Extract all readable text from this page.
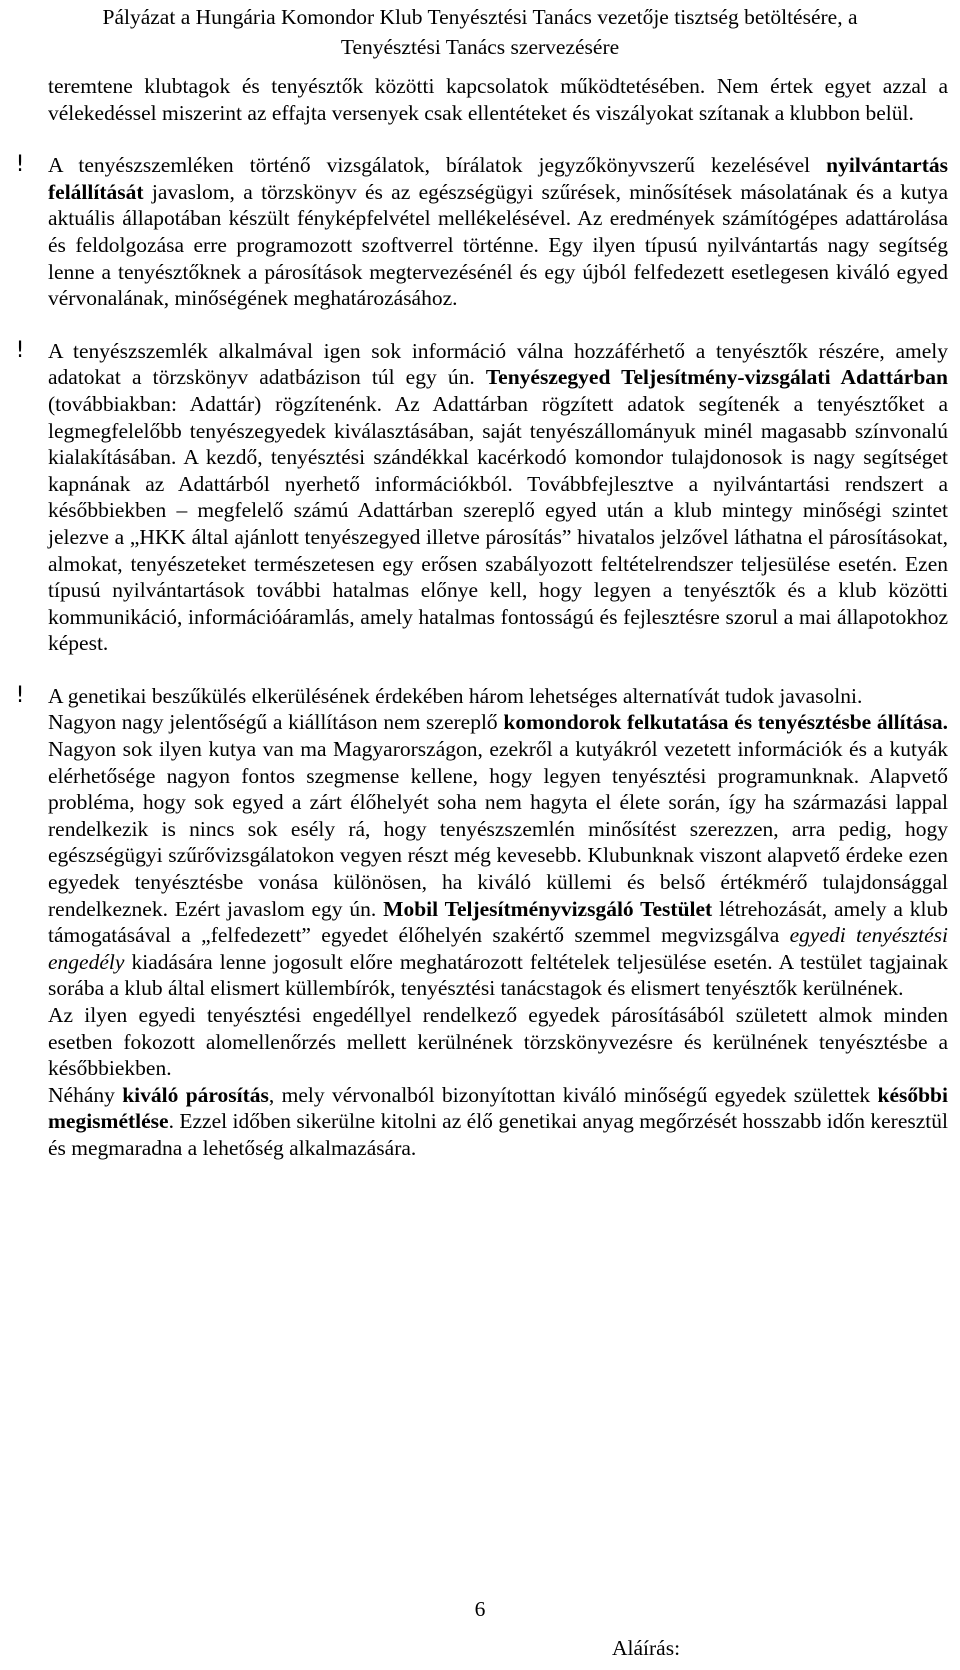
Pályázat a Hungária Komondor Klub Tenyésztési Tanács vezetője tisztség betöltésére, a
Tenyésztési Tanács szervezésére

teremtene klubtagok és tenyésztők közötti kapcsolatok működtetésében. Nem értek egyet azzal a vélekedéssel miszerint az effajta versenyek csak ellentéteket és viszályokat szítanak a klubbon belül.

! A tenyészszemléken történő vizsgálatok, bírálatok jegyzőkönyvszerű kezelésével nyilvántartás felállítását javaslom, a törzskönyv és az egészségügyi szűrések, minősítések másolatának és a kutya aktuális állapotában készült fényképfelvétel mellékelésével. Az eredmények számítógépes adattárolása és feldolgozása erre programozott szoftverrel történne. Egy ilyen típusú nyilvántartás nagy segítség lenne a tenyésztőknek a párosítások megtervezésénél és egy újból felfedezett esetlegesen kiváló egyed vérvonalának, minőségének meghatározásához.

! A tenyészszemlék alkalmával igen sok információ válna hozzáférhető a tenyésztők részére, amely adatokat a törzskönyv adatbázison túl egy ún. Tenyészegyed Teljesítmény-vizsgálati Adattárban (továbbiakban: Adattár) rögzítenénk. Az Adattárban rögzített adatok segítenék a tenyésztőket a legmegfelelőbb tenyészegyedek kiválasztásában, saját tenyészállományuk minél magasabb színvonalú kialakításában. A kezdő, tenyésztési szándékkal kacérkodó komondor tulajdonosok is nagy segítséget kapnának az Adattárból nyerhető információkból. Továbbfejlesztve a nyilvántartási rendszert a későbbiekben – megfelelő számú Adattárban szereplő egyed után a klub mintegy minőségi szintet jelezve a „HKK által ajánlott tenyészegyed illetve párosítás” hivatalos jelzővel láthatna el párosításokat, almokat, tenyészeteket természetesen egy erősen szabályozott feltételrendszer teljesülése esetén. Ezen típusú nyilvántartások további hatalmas előnye kell, hogy legyen a tenyésztők és a klub közötti kommunikáció, információáramlás, amely hatalmas fontosságú és fejlesztésre szorul a mai állapotokhoz képest.

! A genetikai beszűkülés elkerülésének érdekében három lehetséges alternatívát tudok javasolni.

Nagyon nagy jelentőségű a kiállításon nem szereplő komondorok felkutatása és tenyésztésbe állítása. Nagyon sok ilyen kutya van ma Magyarországon, ezekről a kutyákról vezetett információk és a kutyák elérhetősége nagyon fontos szegmense kellene, hogy legyen tenyésztési programunknak. Alapvető probléma, hogy sok egyed a zárt élőhelyét soha nem hagyta el élete során, így ha származási lappal rendelkezik is nincs sok esély rá, hogy tenyészszemlén minősítést szerezzen, arra pedig, hogy egészségügyi szűrővizsgálatokon vegyen részt még kevesebb. Klubunknak viszont alapvető érdeke ezen egyedek tenyésztésbe vonása különösen, ha kiváló küllemi és belső értékmérő tulajdonsággal rendelkeznek. Ezért javaslom egy ún. Mobil Teljesítményvizsgáló Testület létrehozását, amely a klub támogatásával a „felfedezett” egyedet élőhelyén szakértő szemmel megvizsgálva egyedi tenyésztési engedély kiadására lenne jogosult előre meghatározott feltételek teljesülése esetén. A testület tagjainak sorába a klub által elismert küllembírók, tenyésztési tanácstagok és elismert tenyésztők kerülnének.

Az ilyen egyedi tenyésztési engedéllyel rendelkező egyedek párosításából született almok minden esetben fokozott alomellenőrzés mellett kerülnének törzskönyvezésre és kerülnének tenyésztésbe a későbbiekben.

Néhány kiváló párosítás, mely vérvonalból bizonyítottan kiváló minőségű egyedek születtek későbbi megismétlése. Ezzel időben sikerülne kitolni az élő genetikai anyag megőrzését hosszabb időn keresztül és megmaradna a lehetőség alkalmazására.

6
Aláírás:
